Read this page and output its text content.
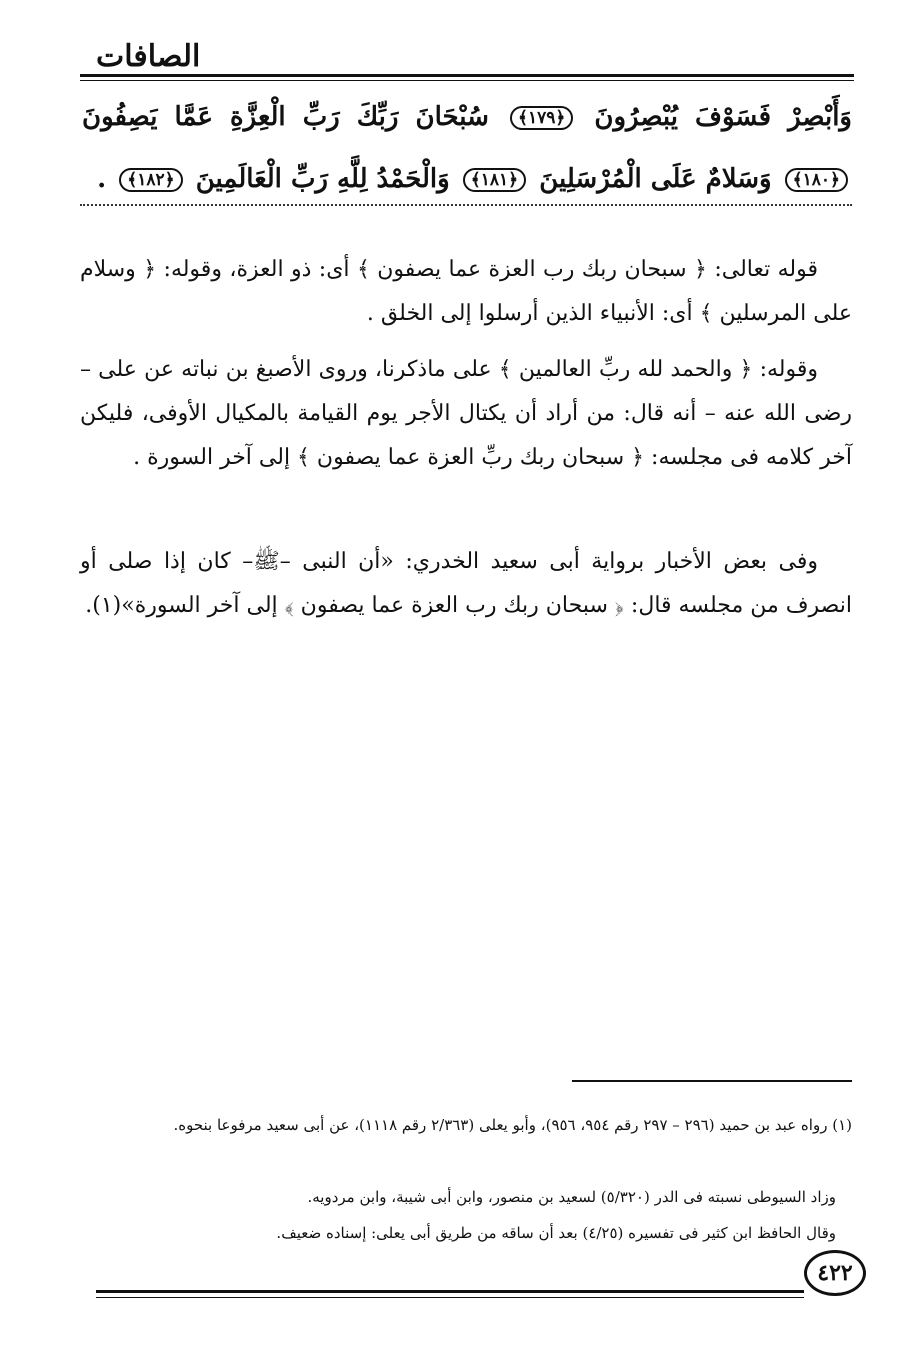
الصافات
وَأَبْصِرْ فَسَوْفَ يُبْصِرُونَ ﴿١٧٩﴾ سُبْحَانَ رَبِّكَ رَبِّ الْعِزَّةِ عَمَّا يَصِفُونَ ﴿١٨٠﴾ وَسَلامٌ عَلَى الْمُرْسَلِينَ ﴿١٨١﴾ وَالْحَمْدُ لِلَّهِ رَبِّ الْعَالَمِينَ ﴿١٨٢﴾ .

قوله تعالى: ﴿ سبحان ربك رب العزة عما يصفون ﴾ أى: ذو العزة، وقوله: ﴿ وسلام على المرسلين ﴾ أى: الأنبياء الذين أرسلوا إلى الخلق .

وقوله: ﴿ والحمد لله ربِّ العالمين ﴾ على ماذكرنا، وروى الأصبغ بن نباته عن على – رضى الله عنه – أنه قال: من أراد أن يكتال الأجر يوم القيامة بالمكيال الأوفى، فليكن آخر كلامه فى مجلسه: ﴿ سبحان ربك ربِّ العزة عما يصفون ﴾ إلى آخر السورة .

وفى بعض الأخبار برواية أبى سعيد الخدري: «أن النبى –ﷺ– كان إذا صلى أو انصرف من مجلسه قال: ﴿ سبحان ربك رب العزة عما يصفون ﴾ إلى آخر السورة»(١).

(١) رواه عبد بن حميد (٢٩٦ – ٢٩٧ رقم ٩٥٤، ٩٥٦)، وأبو يعلى (٢/٣٦٣ رقم ١١١٨)، عن أبى سعيد مرفوعا بنحوه.

وزاد السيوطى نسبته فى الدر (٥/٣٢٠) لسعيد بن منصور، وابن أبى شيبة، وابن مردويه.

وقال الحافظ ابن كثير فى تفسيره (٤/٢٥) بعد أن ساقه من طريق أبى يعلى: إسناده ضعيف.

٤٢٢
